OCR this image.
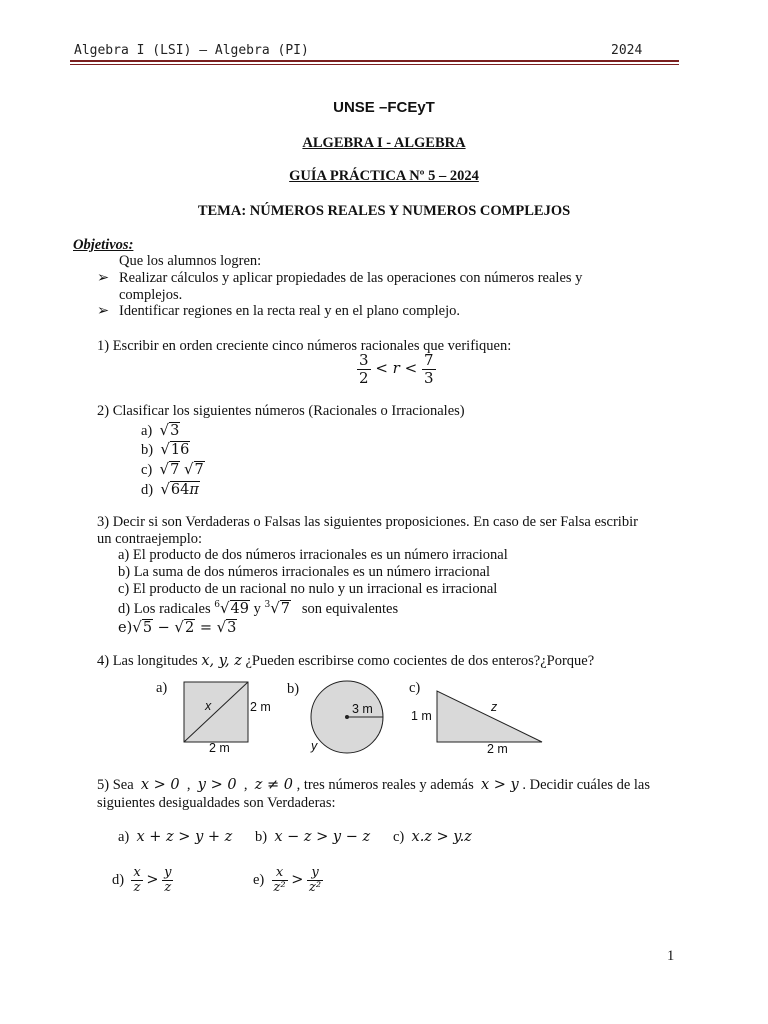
Algebra I (LSI) – Algebra (PI)	2024
UNSE –FCEyT
ALGEBRA I - ALGEBRA
GUÍA PRÁCTICA Nº 5 – 2024
TEMA: NÚMEROS REALES Y NUMEROS COMPLEJOS
Objetivos:
Que los alumnos logren:
➢ Realizar cálculos y aplicar propiedades de las operaciones con números reales y
complejos.
➢ Identificar regiones en la recta real y en el plano complejo.
1) Escribir en orden creciente cinco números racionales que verifiquen:
$\frac{3}{2} < r < \frac{7}{3}$
2) Clasificar los siguientes números (Racionales o Irracionales)
a) √3
b) √16
c) √7 √7
d) √64π
3) Decir si son Verdaderas o Falsas las siguientes proposiciones. En caso de ser Falsa escribir
un contraejemplo:
a) El producto de dos números irracionales es un número irracional
b) La suma de dos números irracionales es un número irracional
c) El producto de un racional no nulo y un irracional es irracional
d) Los radicales $^6$√49 y $^3$√7 son equivalentes
e)√5 − √2 = √3
4) Las longitudes x, y, z ¿Pueden escribirse como cocientes de dos enteros?¿Porque?
a)	b)	c)
x	2 m
2 m
3 m
y
1 m
z
2 m
5) Sea x > 0  ,  y > 0  ,  z ≠ 0 , tres números reales y además x > y . Decidir cuáles de las
siguientes desigualdades son Verdaderas:
a) x + z > y + z b) x − z > y − z c) x.z > y.z
$d) \frac{x}{z} > \frac{y}{z}$	$e) \frac{x}{\text{z²}} > \frac{y}{\text{z²}}$
1
